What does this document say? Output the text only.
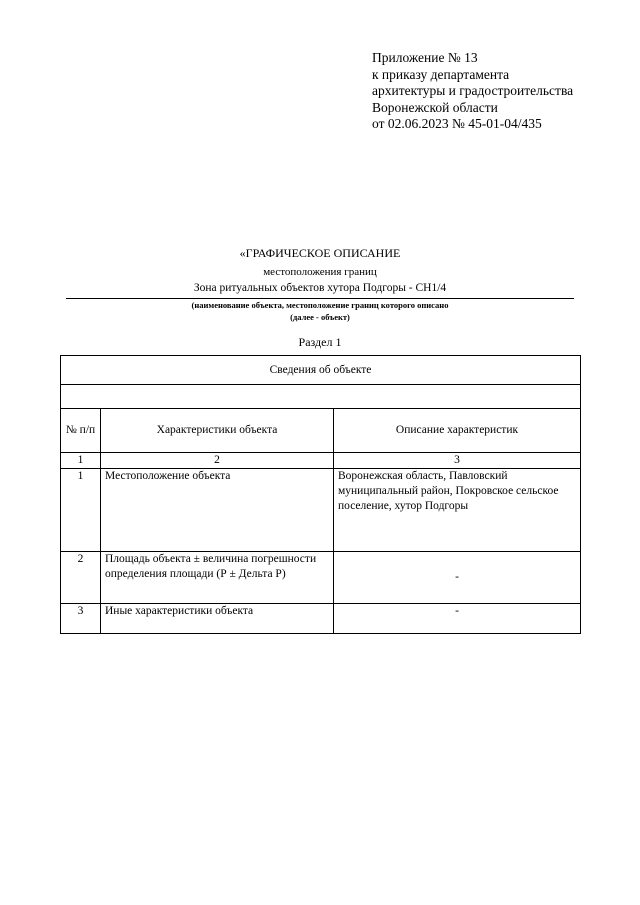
Приложение № 13
к приказу департамента
архитектуры и градостроительства
Воронежской области
от 02.06.2023 № 45-01-04/435
«ГРАФИЧЕСКОЕ ОПИСАНИЕ
местоположения границ
Зона ритуальных объектов хутора Подгоры - СН1/4
(наименование объекта, местоположение границ которого описано
(далее - объект)
Раздел 1
Сведения об объекте		

№ п/п	Характеристики объекта	Описание характеристик
1	2	3
1	Местоположение объекта	Воронежская область, Павловский муниципальный район, Покровское сельское поселение, хутор Подгоры
2	Площадь объекта ± величина погрешности определения площади (Р ± Дельта Р)	-
3	Иные характеристики объекта	-
